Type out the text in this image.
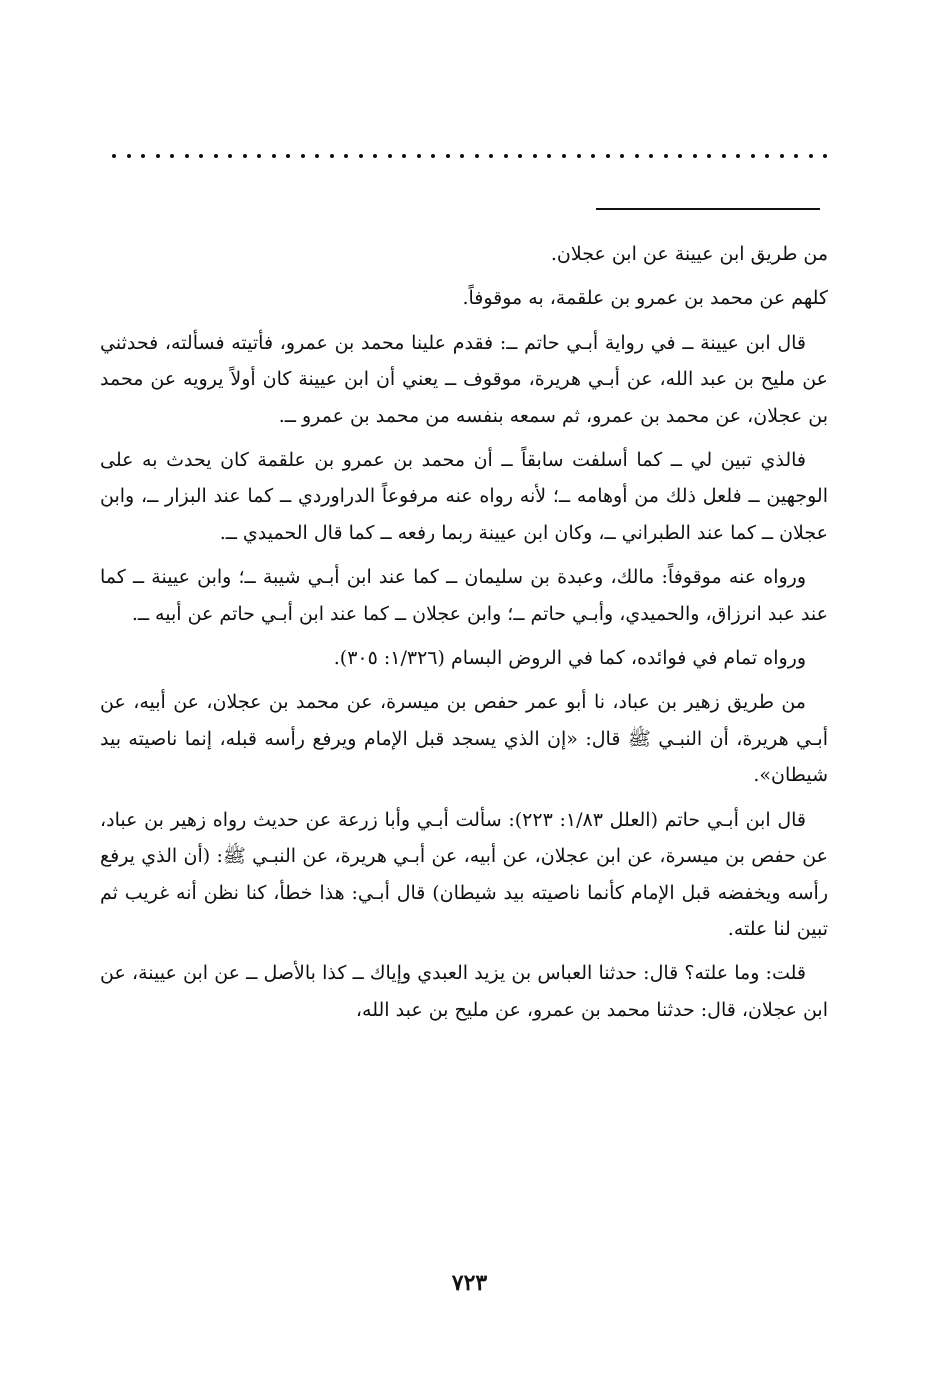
من طريق ابن عيينة عن ابن عجلان.

كلهم عن محمد بن عمرو بن علقمة، به موقوفاً.

قال ابن عيينة ــ في رواية أبـي حاتم ــ: فقدم علينا محمد بن عمرو، فأتيته فسألته، فحدثني عن مليح بن عبد الله، عن أبـي هريرة، موقوف ــ يعني أن ابن عيينة كان أولاً يرويه عن محمد بن عجلان، عن محمد بن عمرو، ثم سمعه بنفسه من محمد بن عمرو ــ.

فالذي تبين لي ــ كما أسلفت سابقاً ــ أن محمد بن عمرو بن علقمة كان يحدث به على الوجهين ــ فلعل ذلك من أوهامه ــ؛ لأنه رواه عنه مرفوعاً الدراوردي ــ كما عند البزار ــ، وابن عجلان ــ كما عند الطبراني ــ، وكان ابن عيينة ربما رفعه ــ كما قال الحميدي ــ.

ورواه عنه موقوفاً: مالك، وعبدة بن سليمان ــ كما عند ابن أبـي شيبة ــ؛ وابن عيينة ــ كما عند عبد انرزاق، والحميدي، وأبـي حاتم ــ؛ وابن عجلان ــ كما عند ابن أبـي حاتم عن أبيه ــ.

ورواه تمام في فوائده، كما في الروض البسام (١/٣٢٦: ٣٠٥).

من طريق زهير بن عباد، نا أبو عمر حفص بن ميسرة، عن محمد بن عجلان، عن أبيه، عن أبـي هريرة، أن النبـي ﷺ قال: «إن الذي يسجد قبل الإمام ويرفع رأسه قبله، إنما ناصيته بيد شيطان».

قال ابن أبـي حاتم (العلل ١/٨٣: ٢٢٣): سألت أبـي وأبا زرعة عن حديث رواه زهير بن عباد، عن حفص بن ميسرة، عن ابن عجلان، عن أبيه، عن أبـي هريرة، عن النبـي ﷺ: (أن الذي يرفع رأسه ويخفضه قبل الإمام كأنما ناصيته بيد شيطان) قال أبـي: هذا خطأ، كنا نظن أنه غريب ثم تبين لنا علته.

قلت: وما علته؟ قال: حدثنا العباس بن يزيد العبدي وإياك ــ كذا بالأصل ــ عن ابن عيينة، عن ابن عجلان، قال: حدثنا محمد بن عمرو، عن مليح بن عبد الله،

٧٢٣
